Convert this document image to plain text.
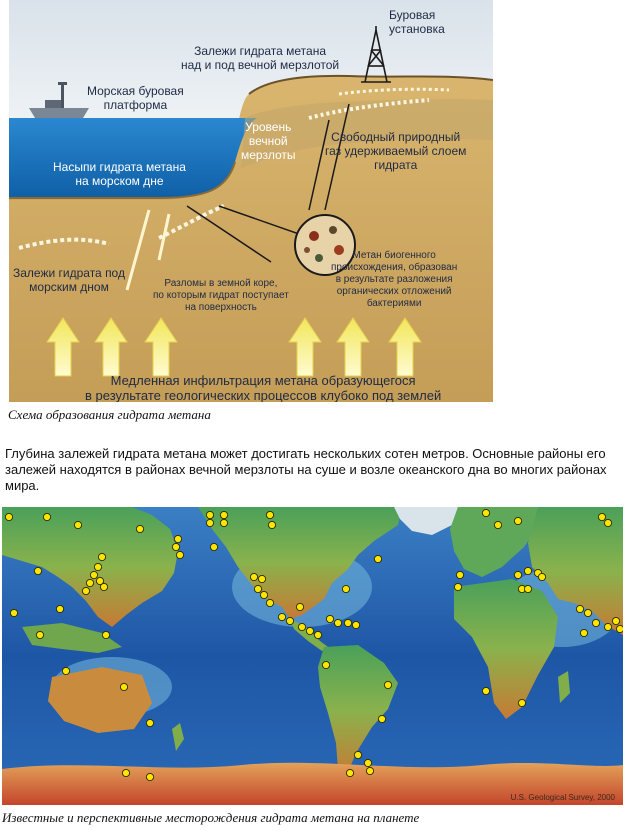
Буровая
установка
Залежи гидрата метана
над и под вечной мерзлотой
Морская буровая
платформа
Уровень
вечной
мерзлоты
Свободный природный
газ удерживаемый слоем
гидрата
Насыпи гидрата метана
на морском дне
Залежи гидрата под
морским дном	Разломы в земной коре,
по которым гидрат поступает
на поверхность
Метан биогенного
происхождения, образован
в результате разложения
органических отложений
бактериями
Медленная инфильтрация метана образующегося
в результате геологических процессов клубоко под землей
Схема образования гидрата метана
Глубина залежей гидрата метана может достигать нескольких сотен метров. Основные районы его залежей находятся в районах вечной мерзлоты на суше и возле океанского дна во многих районах мира.
U.S. Geological Survey, 2000
Известные и перспективные месторождения гидрата метана на планете
